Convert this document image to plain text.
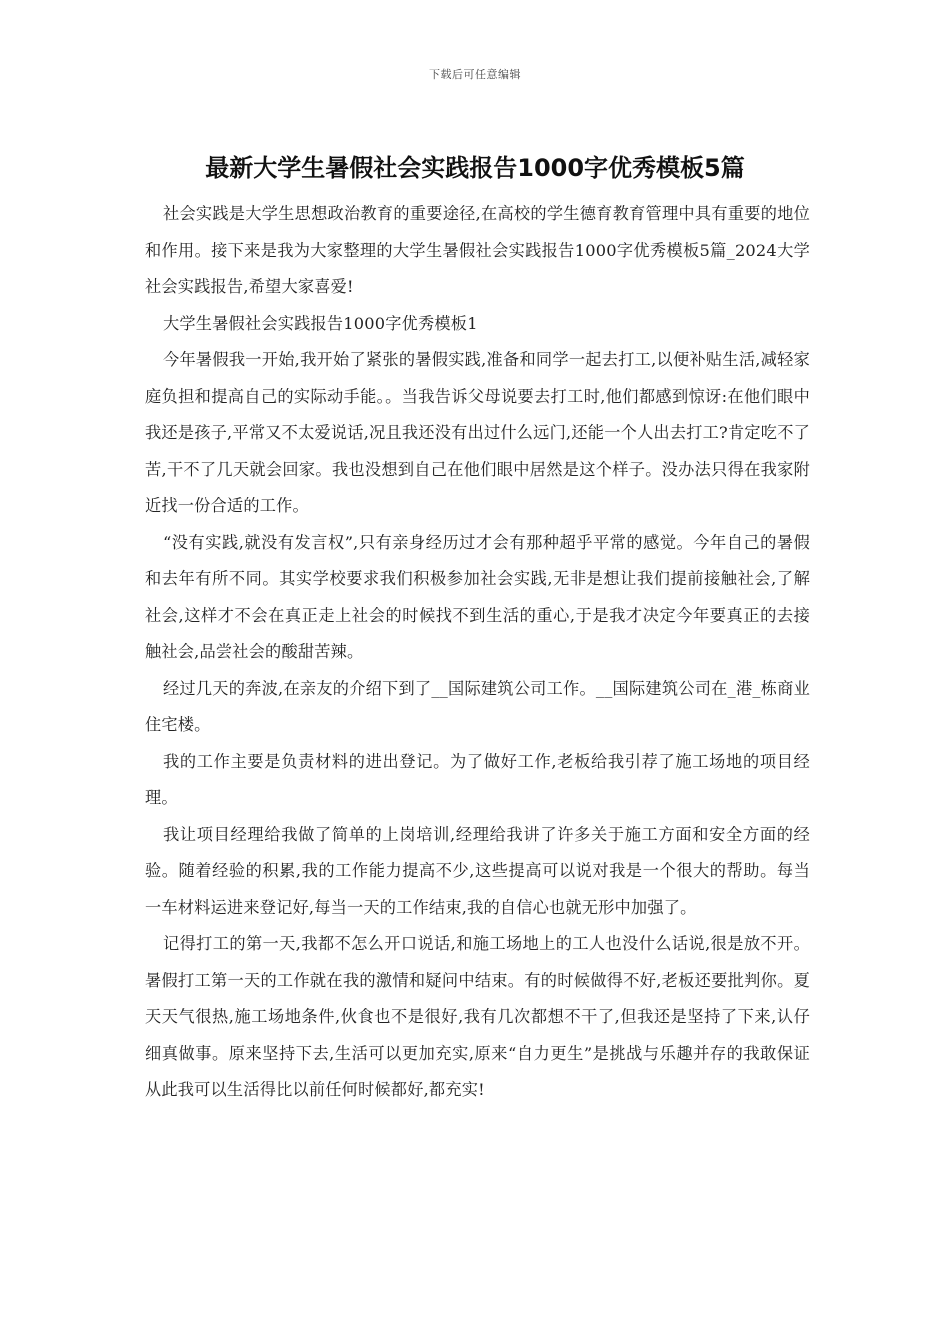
下载后可任意编辑
最新大学生暑假社会实践报告1000字优秀模板5篇

社会实践是大学生思想政治教育的重要途径,在高校的学生德育教育管理中具有重要的地位和作用。接下来是我为大家整理的大学生暑假社会实践报告1000字优秀模板5篇_2024大学社会实践报告,希望大家喜爱!

大学生暑假社会实践报告1000字优秀模板1

今年暑假我一开始,我开始了紧张的暑假实践,准备和同学一起去打工,以便补贴生活,减轻家庭负担和提高自己的实际动手能。。当我告诉父母说要去打工时,他们都感到惊讶:在他们眼中我还是孩子,平常又不太爱说话,况且我还没有出过什么远门,还能一个人出去打工?肯定吃不了苦,干不了几天就会回家。我也没想到自己在他们眼中居然是这个样子。没办法只得在我家附近找一份合适的工作。

“没有实践,就没有发言权”,只有亲身经历过才会有那种超乎平常的感觉。今年自己的暑假和去年有所不同。其实学校要求我们积极参加社会实践,无非是想让我们提前接触社会,了解社会,这样才不会在真正走上社会的时候找不到生活的重心,于是我才决定今年要真正的去接触社会,品尝社会的酸甜苦辣。

经过几天的奔波,在亲友的介绍下到了__国际建筑公司工作。__国际建筑公司在_港_栋商业住宅楼。

我的工作主要是负责材料的进出登记。为了做好工作,老板给我引荐了施工场地的项目经理。

我让项目经理给我做了简单的上岗培训,经理给我讲了许多关于施工方面和安全方面的经验。随着经验的积累,我的工作能力提高不少,这些提高可以说对我是一个很大的帮助。每当一车材料运进来登记好,每当一天的工作结束,我的自信心也就无形中加强了。

记得打工的第一天,我都不怎么开口说话,和施工场地上的工人也没什么话说,很是放不开。暑假打工第一天的工作就在我的激情和疑问中结束。有的时候做得不好,老板还要批判你。夏天天气很热,施工场地条件,伙食也不是很好,我有几次都想不干了,但我还是坚持了下来,认仔细真做事。原来坚持下去,生活可以更加充实,原来“自力更生”是挑战与乐趣并存的我敢保证从此我可以生活得比以前任何时候都好,都充实!
